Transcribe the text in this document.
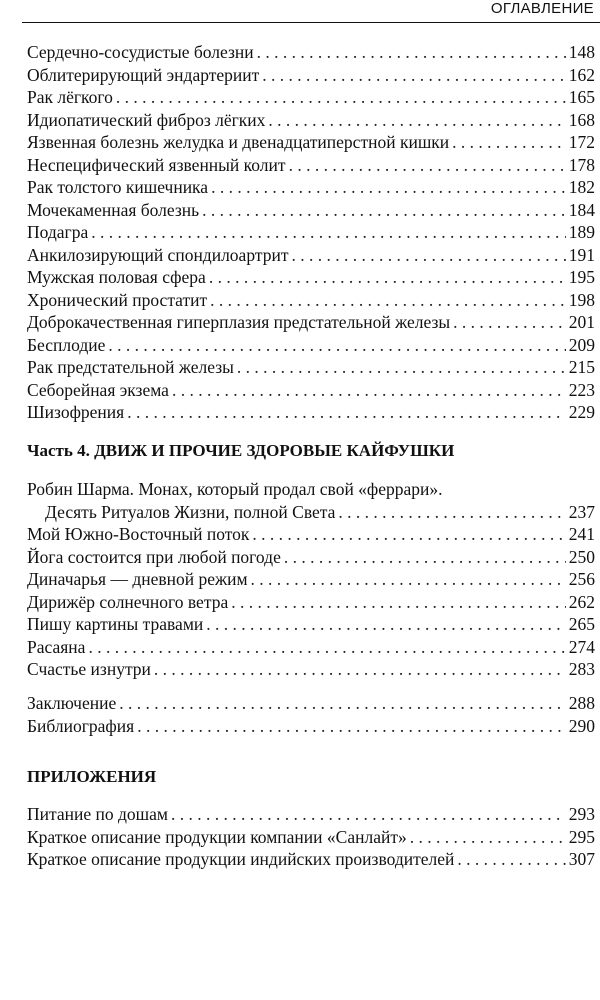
ОГЛАВЛЕНИЕ
Сердечно-сосудистые болезни . . .	148
Облитерирующий эндартериит . . .	162
Рак лёгкого . . .	165
Идиопатический фиброз лёгких . . .	168
Язвенная болезнь желудка и двенадцатиперстной кишки . . .	172
Неспецифический язвенный колит . . .	178
Рак толстого кишечника . . .	182
Мочекаменная болезнь . . .	184
Подагра . . .	189
Анкилозирующий спондилоартрит . . .	191
Мужская половая сфера . . .	195
Хронический простатит . . .	198
Доброкачественная гиперплазия предстательной железы . . .	201
Бесплодие . . .	209
Рак предстательной железы . . .	215
Себорейная экзема . . .	223
Шизофрения . . .	229
Часть 4. ДВИЖ И ПРОЧИЕ ЗДОРОВЫЕ КАЙФУШКИ
Робин Шарма. Монах, который продал свой «феррари».
Десять Ритуалов Жизни, полной Света . . .	237
Мой Южно-Восточный поток . . .	241
Йога состоится при любой погоде . . .	250
Диначарья — дневной режим . . .	256
Дирижёр солнечного ветра . . .	262
Пишу картины травами . . .	265
Расаяна . . .	274
Счастье изнутри . . .	283
Заключение . . .	288
Библиография . . .	290
ПРИЛОЖЕНИЯ
Питание по дошам . . .	293
Краткое описание продукции компании «Санлайт» . . .	295
Краткое описание продукции индийских производителей . . .	307
